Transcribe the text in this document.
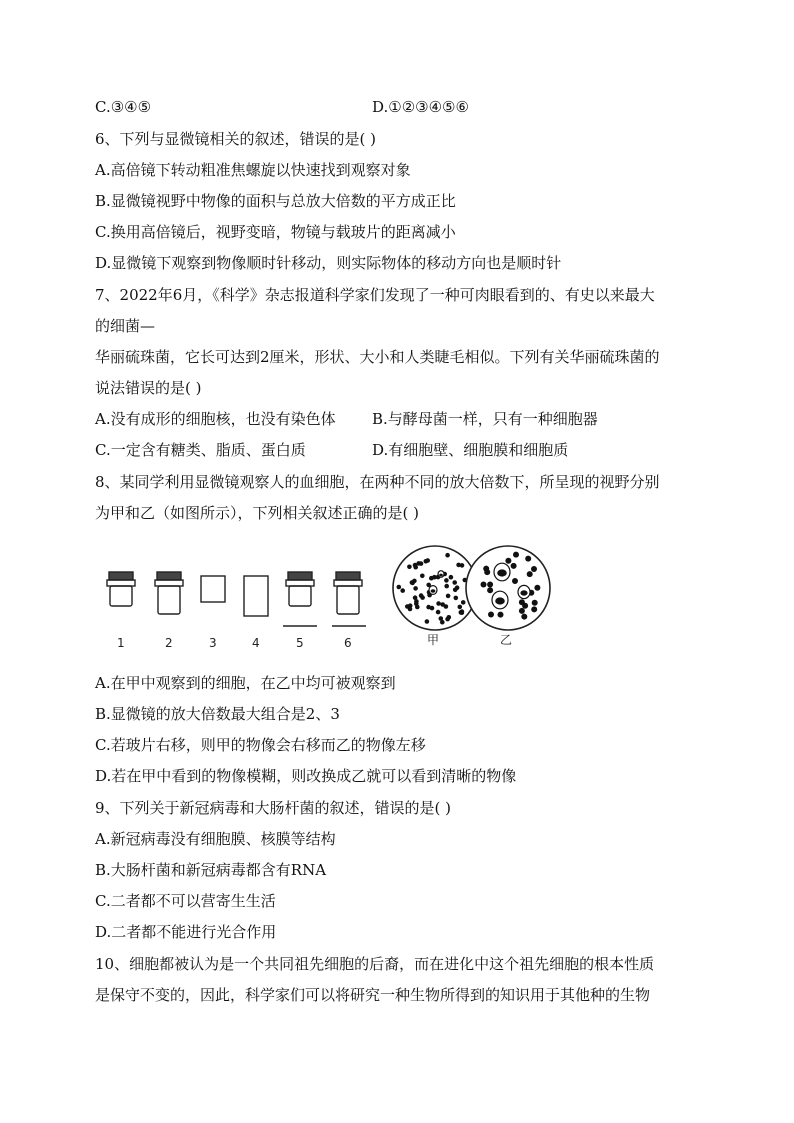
C.③④⑤	D.①②③④⑤⑥
6、下列与显微镜相关的叙述，错误的是( )
A.高倍镜下转动粗准焦螺旋以快速找到观察对象
B.显微镜视野中物像的面积与总放大倍数的平方成正比
C.换用高倍镜后，视野变暗，物镜与载玻片的距离减小
D.显微镜下观察到物像顺时针移动，则实际物体的移动方向也是顺时针
7、2022年6月，《科学》杂志报道科学家们发现了一种可肉眼看到的、有史以来最大
的细菌—
华丽硫珠菌，它长可达到2厘米，形状、大小和人类睫毛相似。下列有关华丽硫珠菌的
说法错误的是( )
A.没有成形的细胞核，也没有染色体 B.与酵母菌一样，只有一种细胞器
C.一定含有糖类、脂质、蛋白质	D.有细胞壁、细胞膜和细胞质
8、某同学利用显微镜观察人的血细胞，在两种不同的放大倍数下，所呈现的视野分别
为甲和乙（如图所示），下列相关叙述正确的是( )
1	2	3	4	5	6	甲	乙
A.在甲中观察到的细胞，在乙中均可被观察到
B.显微镜的放大倍数最大组合是2、3
C.若玻片右移，则甲的物像会右移而乙的物像左移
D.若在甲中看到的物像模糊，则改换成乙就可以看到清晰的物像
9、下列关于新冠病毒和大肠杆菌的叙述，错误的是( )
A.新冠病毒没有细胞膜、核膜等结构
B.大肠杆菌和新冠病毒都含有RNA
C.二者都不可以营寄生生活
D.二者都不能进行光合作用
10、细胞都被认为是一个共同祖先细胞的后裔，而在进化中这个祖先细胞的根本性质
是保守不变的，因此，科学家们可以将研究一种生物所得到的知识用于其他种的生物
